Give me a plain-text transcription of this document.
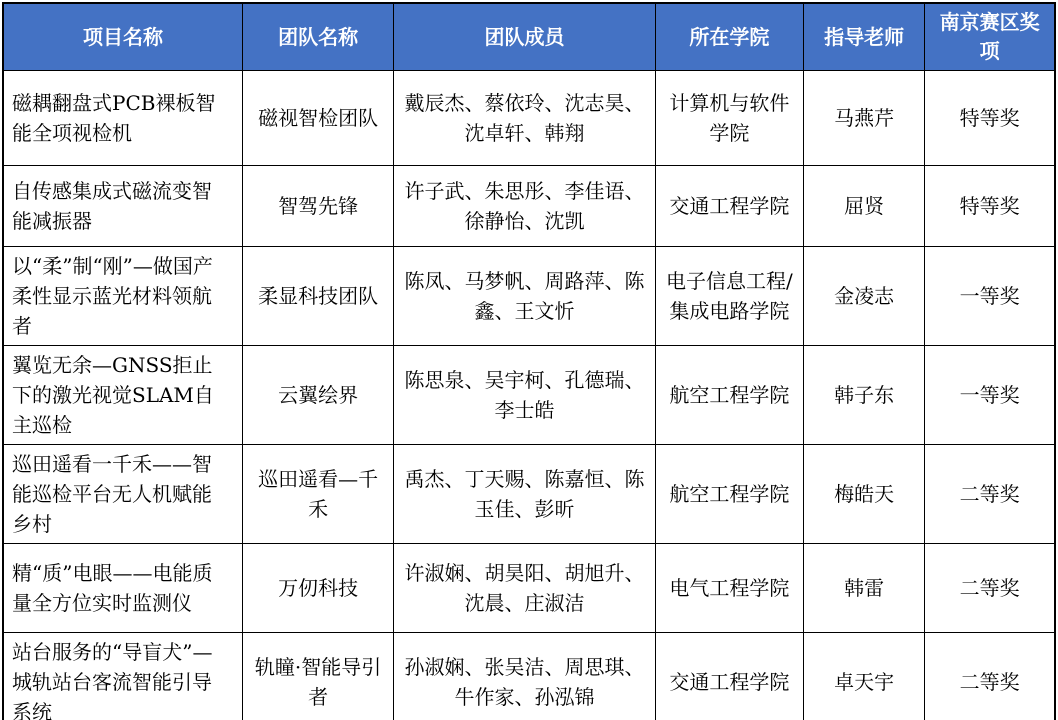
项目名称	团队名称	团队成员	所在学院	指导老师	南京赛区奖项
磁耦翻盘式PCB裸板智能全项视检机	磁视智检团队	戴辰杰、蔡依玲、沈志昊、沈卓轩、韩翔	计算机与软件学院	马燕芹	特等奖
自传感集成式磁流变智能减振器	智驾先锋	许子武、朱思彤、李佳语、徐静怡、沈凯	交通工程学院	屈贤	特等奖
以“柔”制“刚”—做国产柔性显示蓝光材料领航者	柔显科技团队	陈凤、马梦帆、周路萍、陈鑫、王文忻	电子信息工程/集成电路学院	金凌志	一等奖
翼览无余—GNSS拒止下的激光视觉SLAM自主巡检	云翼绘界	陈思泉、吴宇柯、孔德瑞、李士皓	航空工程学院	韩子东	一等奖
巡田遥看一千禾——智能巡检平台无人机赋能乡村	巡田遥看—千禾	禹杰、丁天赐、陈嘉恒、陈玉佳、彭昕	航空工程学院	梅皓天	二等奖
精“质”电眼——电能质量全方位实时监测仪	万仞科技	许淑娴、胡昊阳、胡旭升、沈晨、庄淑洁	电气工程学院	韩雷	二等奖
站台服务的“导盲犬”—城轨站台客流智能引导系统	轨瞳·智能导引者	孙淑娴、张吴洁、周思琪、牛作家、孙泓锦	交通工程学院	卓天宇	二等奖
